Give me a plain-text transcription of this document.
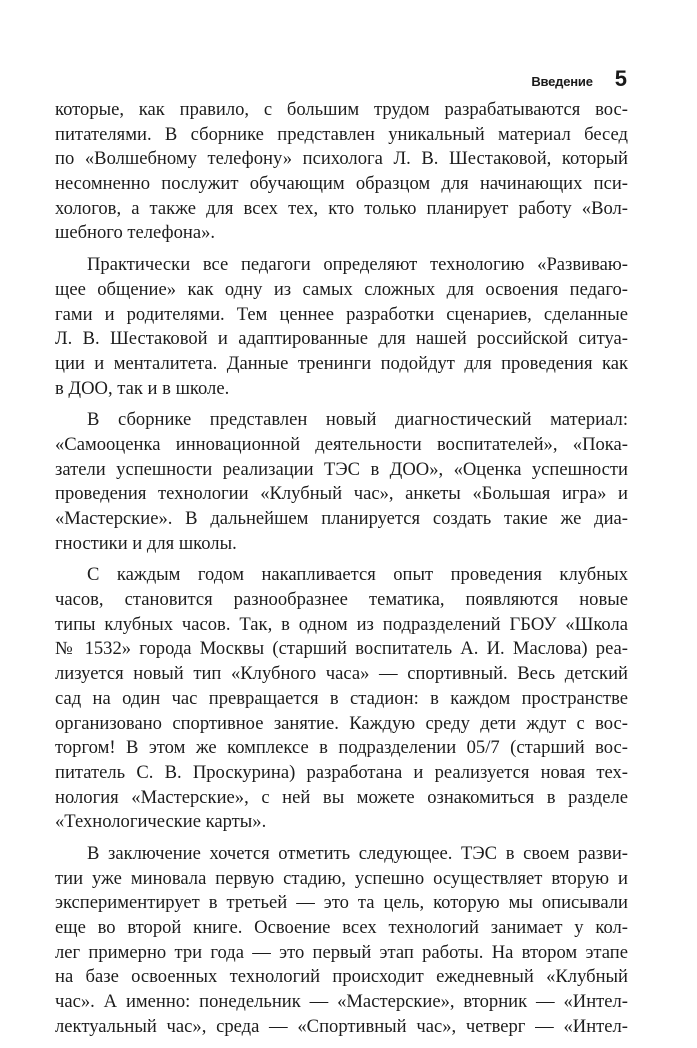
Введение 5
которые, как правило, с большим трудом разрабатываются вос-
питателями. В сборнике представлен уникальный материал бесед
по «Волшебному телефону» психолога Л. В. Шестаковой, который
несомненно послужит обучающим образцом для начинающих пси-
хологов, а также для всех тех, кто только планирует работу «Вол-
шебного телефона».
Практически все педагоги определяют технологию «Развиваю-
щее общение» как одну из самых сложных для освоения педаго-
гами и родителями. Тем ценнее разработки сценариев, сделанные
Л. В. Шестаковой и адаптированные для нашей российской ситуа-
ции и менталитета. Данные тренинги подойдут для проведения как
в ДОО, так и в школе.
В сборнике представлен новый диагностический материал:
«Самооценка инновационной деятельности воспитателей», «Пока-
затели успешности реализации ТЭС в ДОО», «Оценка успешности
проведения технологии «Клубный час», анкеты «Большая игра» и
«Мастерские». В дальнейшем планируется создать такие же диа-
гностики и для школы.
С каждым годом накапливается опыт проведения клубных
часов, становится разнообразнее тематика, появляются новые
типы клубных часов. Так, в одном из подразделений ГБОУ «Школа
№ 1532» города Москвы (старший воспитатель А. И. Маслова) реа-
лизуется новый тип «Клубного часа» — спортивный. Весь детский
сад на один час превращается в стадион: в каждом пространстве
организовано спортивное занятие. Каждую среду дети ждут с вос-
торгом! В этом же комплексе в подразделении 05/7 (старший вос-
питатель С. В. Проскурина) разработана и реализуется новая тех-
нология «Мастерские», с ней вы можете ознакомиться в разделе
«Технологические карты».
В заключение хочется отметить следующее. ТЭС в своем разви-
тии уже миновала первую стадию, успешно осуществляет вторую и
экспериментирует в третьей — это та цель, которую мы описывали
еще во второй книге. Освоение всех технологий занимает у кол-
лег примерно три года — это первый этап работы. На втором этапе
на базе освоенных технологий происходит ежедневный «Клубный
час». А именно: понедельник — «Мастерские», вторник — «Интел-
лектуальный час», среда — «Спортивный час», четверг — «Интел-
